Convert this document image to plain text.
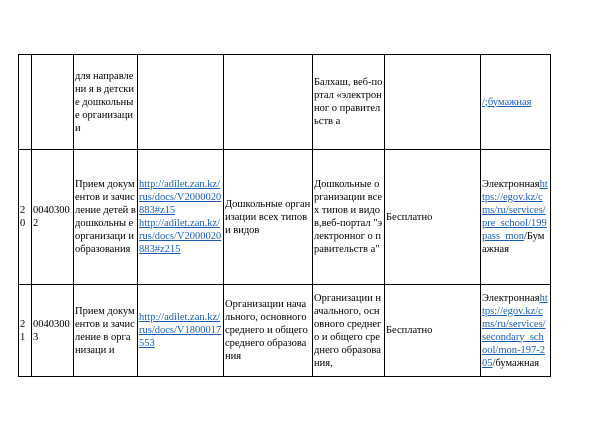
		для направлени я в детские дошкольны е организаци и			Балхаш, веб-портал «электронног о правительств а		/;бумажная
20	00403002	Прием документов и зачисление детей в дошкольны е организаци и образования	http://adilet.zan.kz/rus/docs/V2000020883#z15
http://adilet.zan.kz/rus/docs/V2000020883#z215	Дошкольные организации всех типов и видов	Дошкольные организации всех типов и видов,веб-портал "электронног о правительств а"	Бесплатно	Электроннаяhttps://egov.kz/cms/ru/services/pre_school/199pass_mon/Бумажная
21	00403003	Прием документов и зачисление в организаци и	http://adilet.zan.kz/rus/docs/V1800017553	Организации начального, основного среднего и общего среднего образования	Организации начального, основного среднего и общего среднего образования,	Бесплатно	Электроннаяhttps://egov.kz/cms/ru/services/secondary_school/mon-197-205/бумажная
